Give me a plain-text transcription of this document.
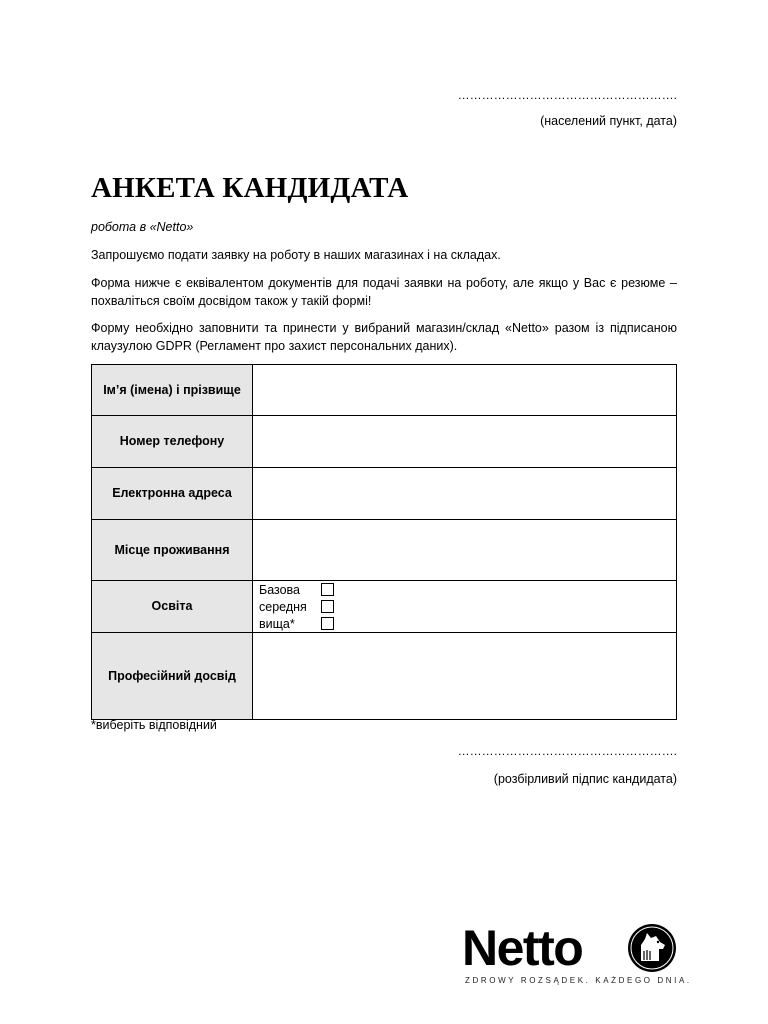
……………………………………………….
(населений пункт, дата)
АНКЕТА КАНДИДАТА
робота в «Netto»

Запрошуємо подати заявку на роботу в наших магазинах і на складах.

Форма нижче є еквівалентом документів для подачі заявки на роботу, але якщо у Вас є резюме – похваліться своїм досвідом також у такій формі!

Форму необхідно заповнити та принести у вибраний магазин/склад «Netto» разом із підписаною клаузулою GDPR (Регламент про захист персональних даних).

Ім’я (імена) і прізвище	
Номер телефону	
Електронна адреса	
Місце проживання	
Освіта	Базова
середня
вища*

Професійний досвід	
*виберіть відповідний
……………………………………………….
(розбірливий підпис кандидата)
Netto
ZDROWY ROZSĄDEK. KAŻDEGO DNIA.
